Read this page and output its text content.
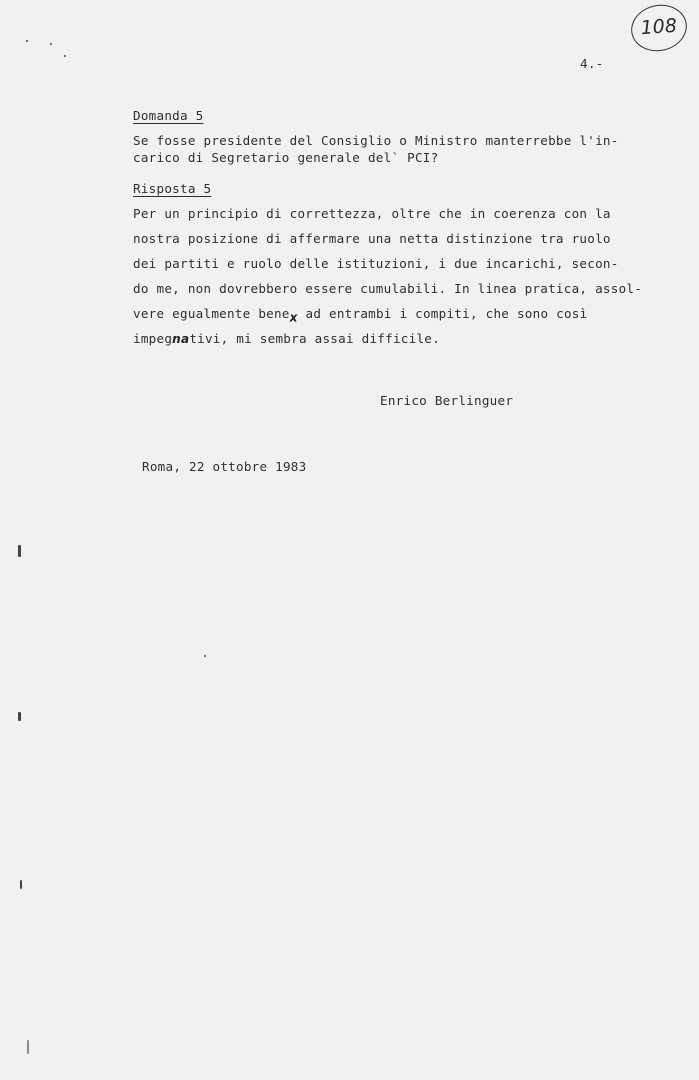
108
4.-
Domanda 5
Se fosse presidente del Consiglio o Ministro manterrebbe l'in-
carico di Segretario generale del` PCI?
Risposta 5
Per un principio di correttezza, oltre che in coerenza con la
nostra posizione di affermare una netta distinzione tra ruolo
dei partiti e ruolo delle istituzioni, i due incarichi, secon-
do me, non dovrebbero essere cumulabili. In linea pratica, assol-
vere egualmente bene$_x$ ad entrambi i compiti, che sono così
impegnativi, mi sembra assai difficile.
Enrico Berlinguer
Roma, 22 ottobre 1983
